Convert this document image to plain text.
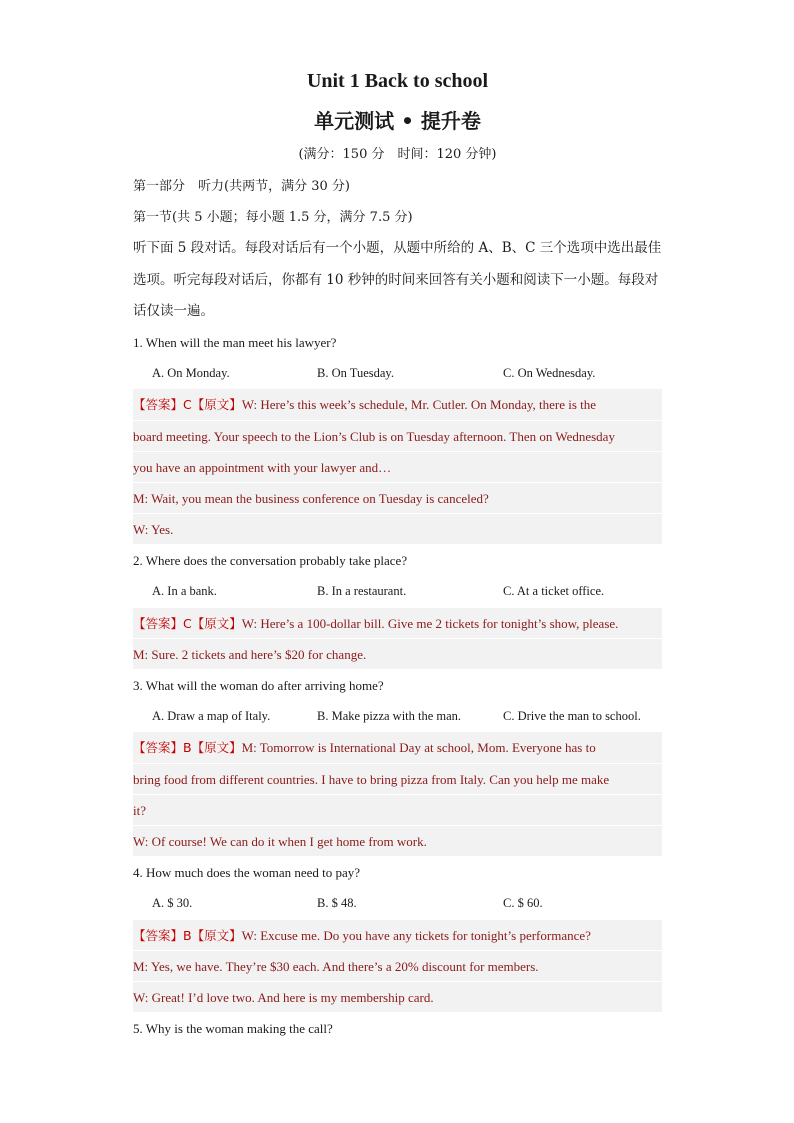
Unit 1 Back to school
单元测试 • 提升卷
(满分：150 分　时间：120 分钟)
第一部分　听力(共两节，满分 30 分)
第一节(共 5 小题；每小题 1.5 分，满分 7.5 分)

听下面 5 段对话。每段对话后有一个小题，从题中所给的 A、B、C 三个选项中选出最佳选项。听完每段对话后，你都有 10 秒钟的时间来回答有关小题和阅读下一小题。每段对话仅读一遍。

1. When will the man meet his lawyer?
A. On Monday.	B. On Tuesday.	C. On Wednesday.
【答案】C【原文】W: Here’s this week’s schedule, Mr. Cutler. On Monday, there is the
board meeting. Your speech to the Lion’s Club is on Tuesday afternoon. Then on Wednesday
you have an appointment with your lawyer and…
M: Wait, you mean the business conference on Tuesday is canceled?
W: Yes.
2. Where does the conversation probably take place?
A. In a bank.	B. In a restaurant.	C. At a ticket office.
【答案】C【原文】W: Here’s a 100-dollar bill. Give me 2 tickets for tonight’s show, please.
M: Sure. 2 tickets and here’s $20 for change.
3. What will the woman do after arriving home?
A. Draw a map of Italy.	B. Make pizza with the man.	C. Drive the man to school.
【答案】B【原文】M: Tomorrow is International Day at school, Mom. Everyone has to
bring food from different countries. I have to bring pizza from Italy. Can you help me make
it?
W: Of course! We can do it when I get home from work.
4. How much does the woman need to pay?
A. $ 30.	B. $ 48.	C. $ 60.
【答案】B【原文】W: Excuse me. Do you have any tickets for tonight’s performance?
M: Yes, we have. They’re $30 each. And there’s a 20% discount for members.
W: Great! I’d love two. And here is my membership card.
5. Why is the woman making the call?
